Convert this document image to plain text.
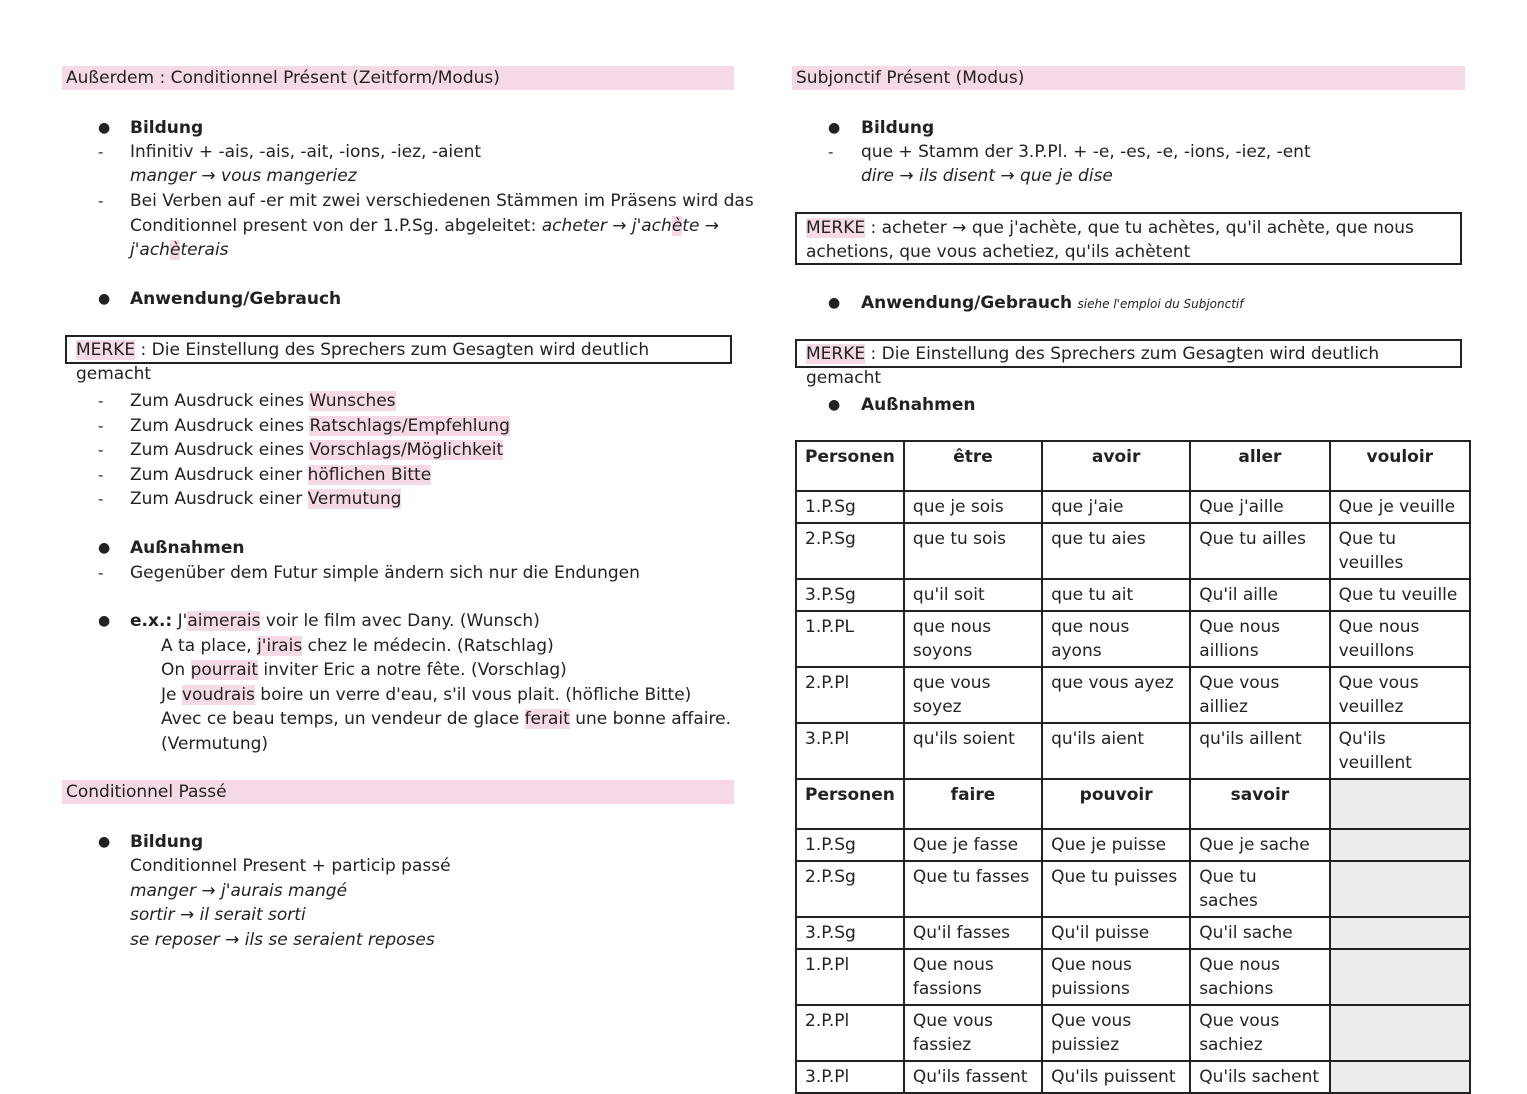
Außerdem : Conditionnel Présent (Zeitform/Modus)
● Bildung
- Infinitiv + -ais, -ais, -ait, -ions, -iez, -aient
manger → vous mangeriez
- Bei Verben auf -er mit zwei verschiedenen Stämmen im Präsens wird das
Conditionnel present von der 1.P.Sg. abgeleitet: acheter → j'achète →
j'achèterais
● Anwendung/Gebrauch
MERKE : Die Einstellung des Sprechers zum Gesagten wird deutlich gemacht
- Zum Ausdruck eines Wunsches
- Zum Ausdruck eines Ratschlags/Empfehlung
- Zum Ausdruck eines Vorschlags/Möglichkeit
- Zum Ausdruck einer höflichen Bitte
- Zum Ausdruck einer Vermutung
● Außnahmen
- Gegenüber dem Futur simple ändern sich nur die Endungen
● e.x.: J'aimerais voir le film avec Dany. (Wunsch)
A ta place, j'irais chez le médecin. (Ratschlag)
On pourrait inviter Eric a notre fête. (Vorschlag)
Je voudrais boire un verre d'eau, s'il vous plait. (höfliche Bitte)
Avec ce beau temps, un vendeur de glace ferait une bonne affaire.
(Vermutung)
Conditionnel Passé
● Bildung
Conditionnel Present + particip passé
manger → j'aurais mangé
sortir → il serait sorti
se reposer → ils se seraient reposes
Subjonctif Présent (Modus)
● Bildung
- que + Stamm der 3.P.Pl. + -e, -es, -e, -ions, -iez, -ent
dire → ils disent → que je dise
MERKE : acheter → que j'achète, que tu achètes, qu'il achète, que nous
achetions, que vous achetiez, qu'ils achètent
● Anwendung/Gebrauch siehe l'emploi du Subjonctif
MERKE : Die Einstellung des Sprechers zum Gesagten wird deutlich gemacht
● Außnahmen
Personen	être	avoir	aller	vouloir
1.P.Sg	que je sois	que j'aie	Que j'aille	Que je veuille
2.P.Sg	que tu sois	que tu aies	Que tu ailles	Que tu veuilles
3.P.Sg	qu'il soit	que tu ait	Qu'il aille	Que tu veuille
1.P.PL	que nous soyons	que nous ayons	Que nous aillions	Que nous veuillons
2.P.Pl	que vous soyez	que vous ayez	Que vous ailliez	Que vous veuillez
3.P.Pl	qu'ils soient	qu'ils aient	qu'ils aillent	Qu'ils veuillent
Personen	faire	pouvoir	savoir	
1.P.Sg	Que je fasse	Que je puisse	Que je sache	
2.P.Sg	Que tu fasses	Que tu puisses	Que tu saches	
3.P.Sg	Qu'il fasses	Qu'il puisse	Qu'il sache	
1.P.Pl	Que nous fassions	Que nous puissions	Que nous sachions	
2.P.Pl	Que vous fassiez	Que vous puissiez	Que vous sachiez	
3.P.Pl	Qu'ils fassent	Qu'ils puissent	Qu'ils sachent	
